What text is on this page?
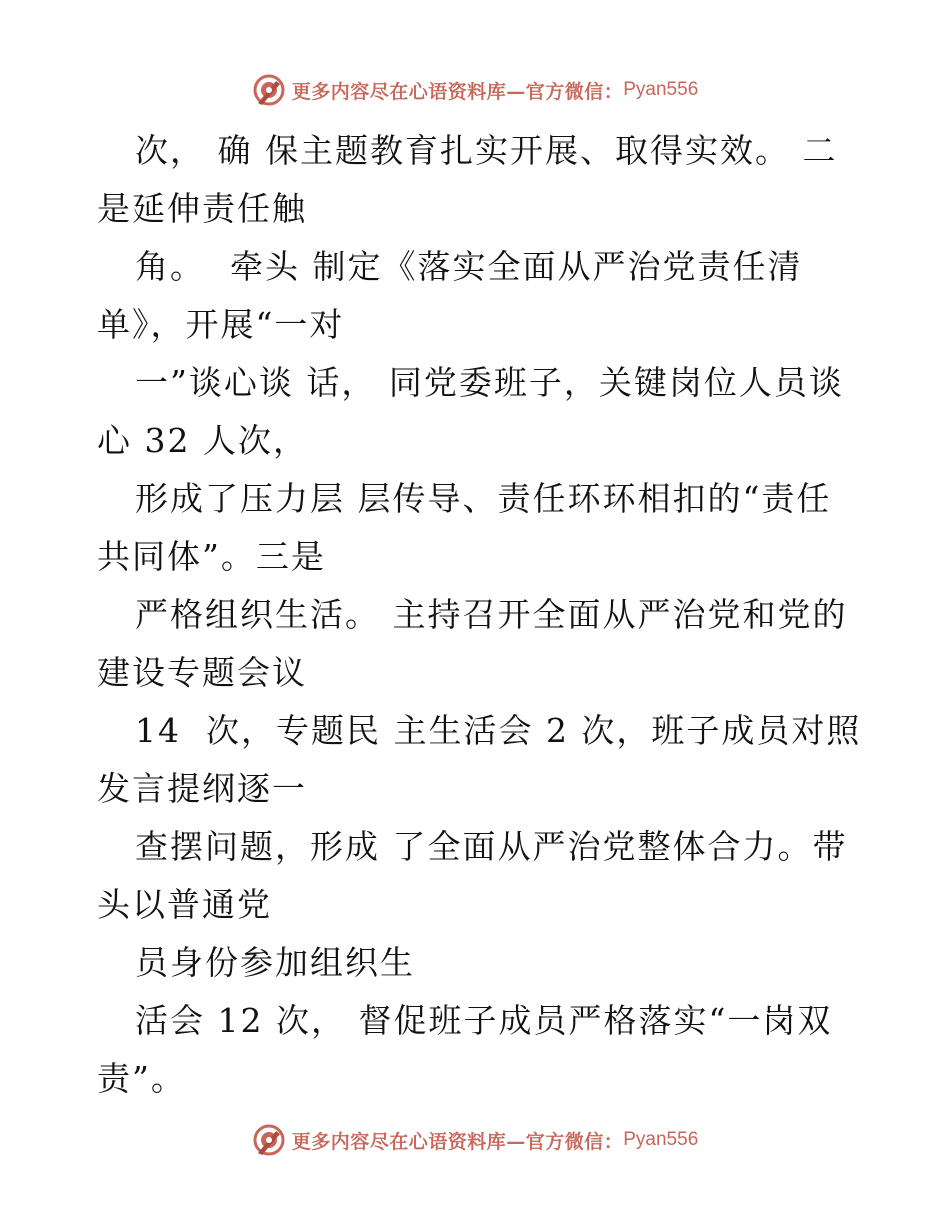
更多内容尽在心语资料库—官方微信： Pyan556
次， 确 保主题教育扎实开展、取得实效。 二
是延伸责任触
角。  牵头 制定《落实全面从严治党责任清
单》，开展“一对
一”谈心谈 话， 同党委班子，关键岗位人员谈
心 32 人次，
形成了压力层 层传导、责任环环相扣的“责任
共同体”。三是
严格组织生活。 主持召开全面从严治党和党的
建设专题会议
14  次，专题民 主生活会 2 次，班子成员对照
发言提纲逐一
查摆问题，形成 了全面从严治党整体合力。带
头以普通党
员身份参加组织生
活会 12 次， 督促班子成员严格落实“一岗双
责”。
更多内容尽在心语资料库—官方微信： Pyan556
